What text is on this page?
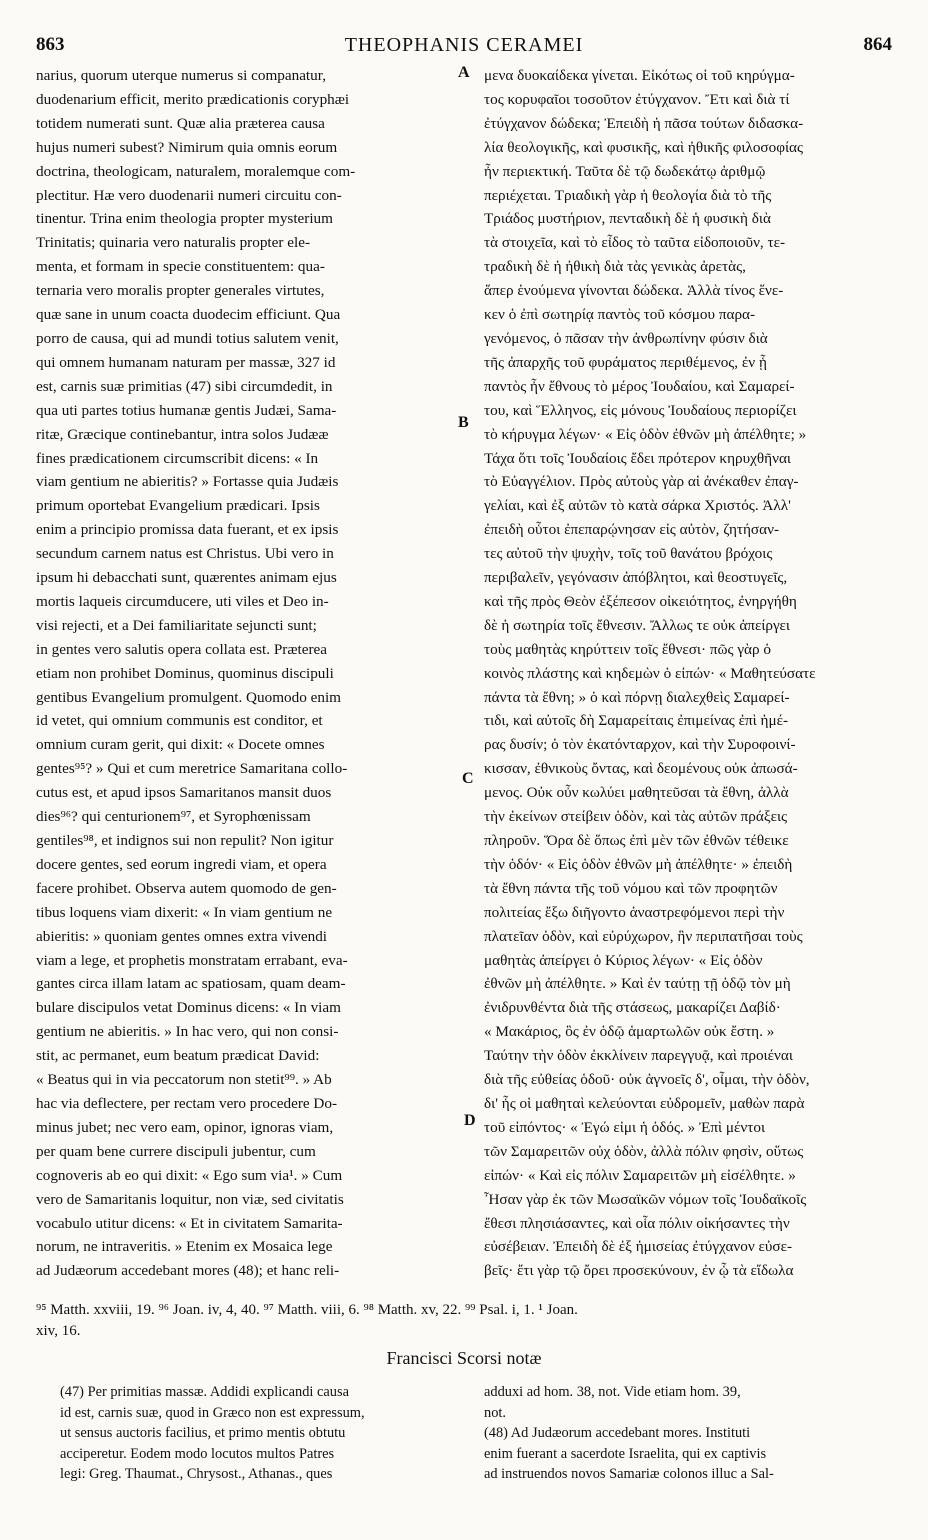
863	THEOPHANIS CERAMEI	864
narius, quorum uterque numerus si companatur,
duodenarium efficit, merito prædicationis coryphæi
totidem numerati sunt. Quæ alia præterea causa
hujus numeri subest? Nimirum quia omnis eorum
doctrina, theologicam, naturalem, moralemque com-
plectitur. Hæ vero duodenarii numeri circuitu con-
tinentur. Trina enim theologia propter mysterium
Trinitatis; quinaria vero naturalis propter ele-
menta, et formam in specie constituentem: qua-
ternaria vero moralis propter generales virtutes,
quæ sane in unum coacta duodecim efficiunt. Qua
porro de causa, qui ad mundi totius salutem venit,
qui omnem humanam naturam per massæ, 327 id
est, carnis suæ primitias (47) sibi circumdedit, in
qua uti partes totius humanæ gentis Judæi, Sama-
ritæ, Græcique continebantur, intra solos Judææ
fines prædicationem circumscribit dicens: « In
viam gentium ne abieritis? » Fortasse quia Judæis
primum oportebat Evangelium prædicari. Ipsis
enim a principio promissa data fuerant, et ex ipsis
secundum carnem natus est Christus. Ubi vero in
ipsum hi debacchati sunt, quærentes animam ejus
mortis laqueis circumducere, uti viles et Deo in-
visi rejecti, et a Dei familiaritate sejuncti sunt;
in gentes vero salutis opera collata est. Præterea
etiam non prohibet Dominus, quominus discipuli
gentibus Evangelium promulgent. Quomodo enim
id vetet, qui omnium communis est conditor, et
omnium curam gerit, qui dixit: « Docete omnes
gentes⁹⁵? » Qui et cum meretrice Samaritana collo-
cutus est, et apud ipsos Samaritanos mansit duos
dies⁹⁶? qui centurionem⁹⁷, et Syrophœnissam
gentiles⁹⁸, et indignos sui non repulit? Non igitur
docere gentes, sed eorum ingredi viam, et opera
facere prohibet. Observa autem quomodo de gen-
tibus loquens viam dixerit: « In viam gentium ne
abieritis: » quoniam gentes omnes extra vivendi
viam a lege, et prophetis monstratam errabant, eva-
gantes circa illam latam ac spatiosam, quam deam-
bulare discipulos vetat Dominus dicens: « In viam
gentium ne abieritis. » In hac vero, qui non consi-
stit, ac permanet, eum beatum prædicat David:
« Beatus qui in via peccatorum non stetit⁹⁹. » Ab
hac via deflectere, per rectam vero procedere Do-
minus jubet; nec vero eam, opinor, ignoras viam,
per quam bene currere discipuli jubentur, cum
cognoveris ab eo qui dixit: « Ego sum via¹. » Cum
vero de Samaritanis loquitur, non viæ, sed civitatis
vocabulo utitur dicens: « Et in civitatem Samarita-
norum, ne intraveritis. » Etenim ex Mosaica lege
ad Judæorum accedebant mores (48); et hanc reli-
μενα δυοκαίδεκα γίνεται. Εἰκότως οἱ τοῦ κηρύγμα-
τος κορυφαῖοι τοσοῦτον ἐτύγχανον. Ἔτι καὶ διὰ τί
ἐτύγχανον δώδεκα; Ἐπειδὴ ἡ πᾶσα τούτων διδασκα-
λία θεολογικῆς, καὶ φυσικῆς, καὶ ἠθικῆς φιλοσοφίας
ἦν περιεκτική. Ταῦτα δὲ τῷ δωδεκάτῳ ἀριθμῷ
περιέχεται. Τριαδικὴ γὰρ ἡ θεολογία διὰ τὸ τῆς
Τριάδος μυστήριον, πενταδικὴ δὲ ἡ φυσικὴ διὰ
τὰ στοιχεῖα, καὶ τὸ εἶδος τὸ ταῦτα εἰδοποιοῦν, τε-
τραδικὴ δὲ ἡ ἠθικὴ διὰ τὰς γενικὰς ἀρετὰς,
ἅπερ ἑνούμενα γίνονται δώδεκα. Ἀλλὰ τίνος ἕνε-
κεν ὁ ἐπὶ σωτηρίᾳ παντὸς τοῦ κόσμου παρα-
γενόμενος, ὁ πᾶσαν τὴν ἀνθρωπίνην φύσιν διὰ
τῆς ἀπαρχῆς τοῦ φυράματος περιθέμενος, ἐν ᾗ
παντὸς ἦν ἔθνους τὸ μέρος Ἰουδαίου, καὶ Σαμαρεί-
του, καὶ Ἕλληνος, εἰς μόνους Ἰουδαίους περιορίζει
τὸ κήρυγμα λέγων· « Εἰς ὁδὸν ἐθνῶν μὴ ἀπέλθητε; »
Τάχα ὅτι τοῖς Ἰουδαίοις ἔδει πρότερον κηρυχθῆναι
τὸ Εὐαγγέλιον. Πρὸς αὐτοὺς γὰρ αἱ ἀνέκαθεν ἐπαγ-
γελίαι, καὶ ἐξ αὐτῶν τὸ κατὰ σάρκα Χριστός. Ἀλλ'
ἐπειδὴ οὗτοι ἐπεπαρῴνησαν εἰς αὐτὸν, ζητήσαν-
τες αὐτοῦ τὴν ψυχὴν, τοῖς τοῦ θανάτου βρόχοις
περιβαλεῖν, γεγόνασιν ἀπόβλητοι, καὶ θεοστυγεῖς,
καὶ τῆς πρὸς Θεὸν ἐξέπεσον οἰκειότητος, ἐνηργήθη
δὲ ἡ σωτηρία τοῖς ἔθνεσιν. Ἄλλως τε οὐκ ἀπείργει
τοὺς μαθητὰς κηρύττειν τοῖς ἔθνεσι· πῶς γὰρ ὁ
κοινὸς πλάστης καὶ κηδεμὼν ὁ εἰπών· « Μαθητεύσατε
πάντα τὰ ἔθνη; » ὁ καὶ πόρνῃ διαλεχθεὶς Σαμαρεί-
τιδι, καὶ αὐτοῖς δὴ Σαμαρείταις ἐπιμείνας ἐπὶ ἡμέ-
ρας δυσίν; ὁ τὸν ἑκατόνταρχον, καὶ τὴν Συροφοινί-
κισσαν, ἐθνικοὺς ὄντας, καὶ δεομένους οὐκ ἀπωσά-
μενος. Οὐκ οὖν κωλύει μαθητεῦσαι τὰ ἔθνη, ἀλλὰ
τὴν ἐκείνων στείβειν ὁδὸν, καὶ τὰς αὐτῶν πράξεις
πληροῦν. Ὅρα δὲ ὅπως ἐπὶ μὲν τῶν ἐθνῶν τέθεικε
τὴν ὁδόν· « Εἰς ὁδὸν ἐθνῶν μὴ ἀπέλθητε· » ἐπειδὴ
τὰ ἔθνη πάντα τῆς τοῦ νόμου καὶ τῶν προφητῶν
πολιτείας ἔξω διῆγοντο ἀναστρεφόμενοι περὶ τὴν
πλατεῖαν ὁδὸν, καὶ εὐρύχωρον, ἣν περιπατῆσαι τοὺς
μαθητὰς ἀπείργει ὁ Κύριος λέγων· « Εἰς ὁδὸν
ἐθνῶν μὴ ἀπέλθητε. » Καὶ ἐν ταύτῃ τῇ ὁδῷ τὸν μὴ
ἐνιδρυνθέντα διὰ τῆς στάσεως, μακαρίζει Δαβίδ·
« Μακάριος, ὃς ἐν ὁδῷ ἁμαρτωλῶν οὐκ ἔστη. »
Ταύτην τὴν ὁδὸν ἐκκλίνειν παρεγγυᾷ, καὶ προιέναι
διὰ τῆς εὐθείας ὁδοῦ· οὐκ ἀγνοεῖς δ', οἶμαι, τὴν ὁδὸν,
δι' ἧς οἱ μαθηταὶ κελεύονται εὐδρομεῖν, μαθὼν παρὰ
τοῦ εἰπόντος· « Ἐγώ εἰμι ἡ ὁδός. » Ἐπὶ μέντοι
τῶν Σαμαρειτῶν οὐχ ὁδὸν, ἀλλὰ πόλιν φησὶν, οὕτως
εἰπών· « Καὶ εἰς πόλιν Σαμαρειτῶν μὴ εἰσέλθητε. »
Ἦσαν γὰρ ἐκ τῶν Μωσαϊκῶν νόμων τοῖς Ἰουδαϊκοῖς
ἔθεσι πλησιάσαντες, καὶ οἷα πόλιν οἰκήσαντες τὴν
εὐσέβειαν. Ἐπειδὴ δὲ ἐξ ἡμισείας ἐτύγχανον εὐσε-
βεῖς· ἔτι γὰρ τῷ ὄρει προσεκύνουν, ἐν ᾧ τὰ εἴδωλα
A
B
C
D
⁹⁵ Matth. xxviii, 19. ⁹⁶ Joan. iv, 4, 40. ⁹⁷ Matth. viii, 6. ⁹⁸ Matth. xv, 22. ⁹⁹ Psal. i, 1. ¹ Joan.
xiv, 16.
Francisci Scorsi notæ
(47) Per primitias massæ. Addidi explicandi causa
id est, carnis suæ, quod in Græco non est expressum,
ut sensus auctoris facilius, et primo mentis obtutu
acciperetur. Eodem modo locutos multos Patres
legi: Greg. Thaumat., Chrysost., Athanas., ques
adduxi ad hom. 38, not. Vide etiam hom. 39,
not.
(48) Ad Judæorum accedebant mores. Instituti
enim fuerant a sacerdote Israelita, qui ex captivis
ad instruendos novos Samariæ colonos illuc a Sal-
